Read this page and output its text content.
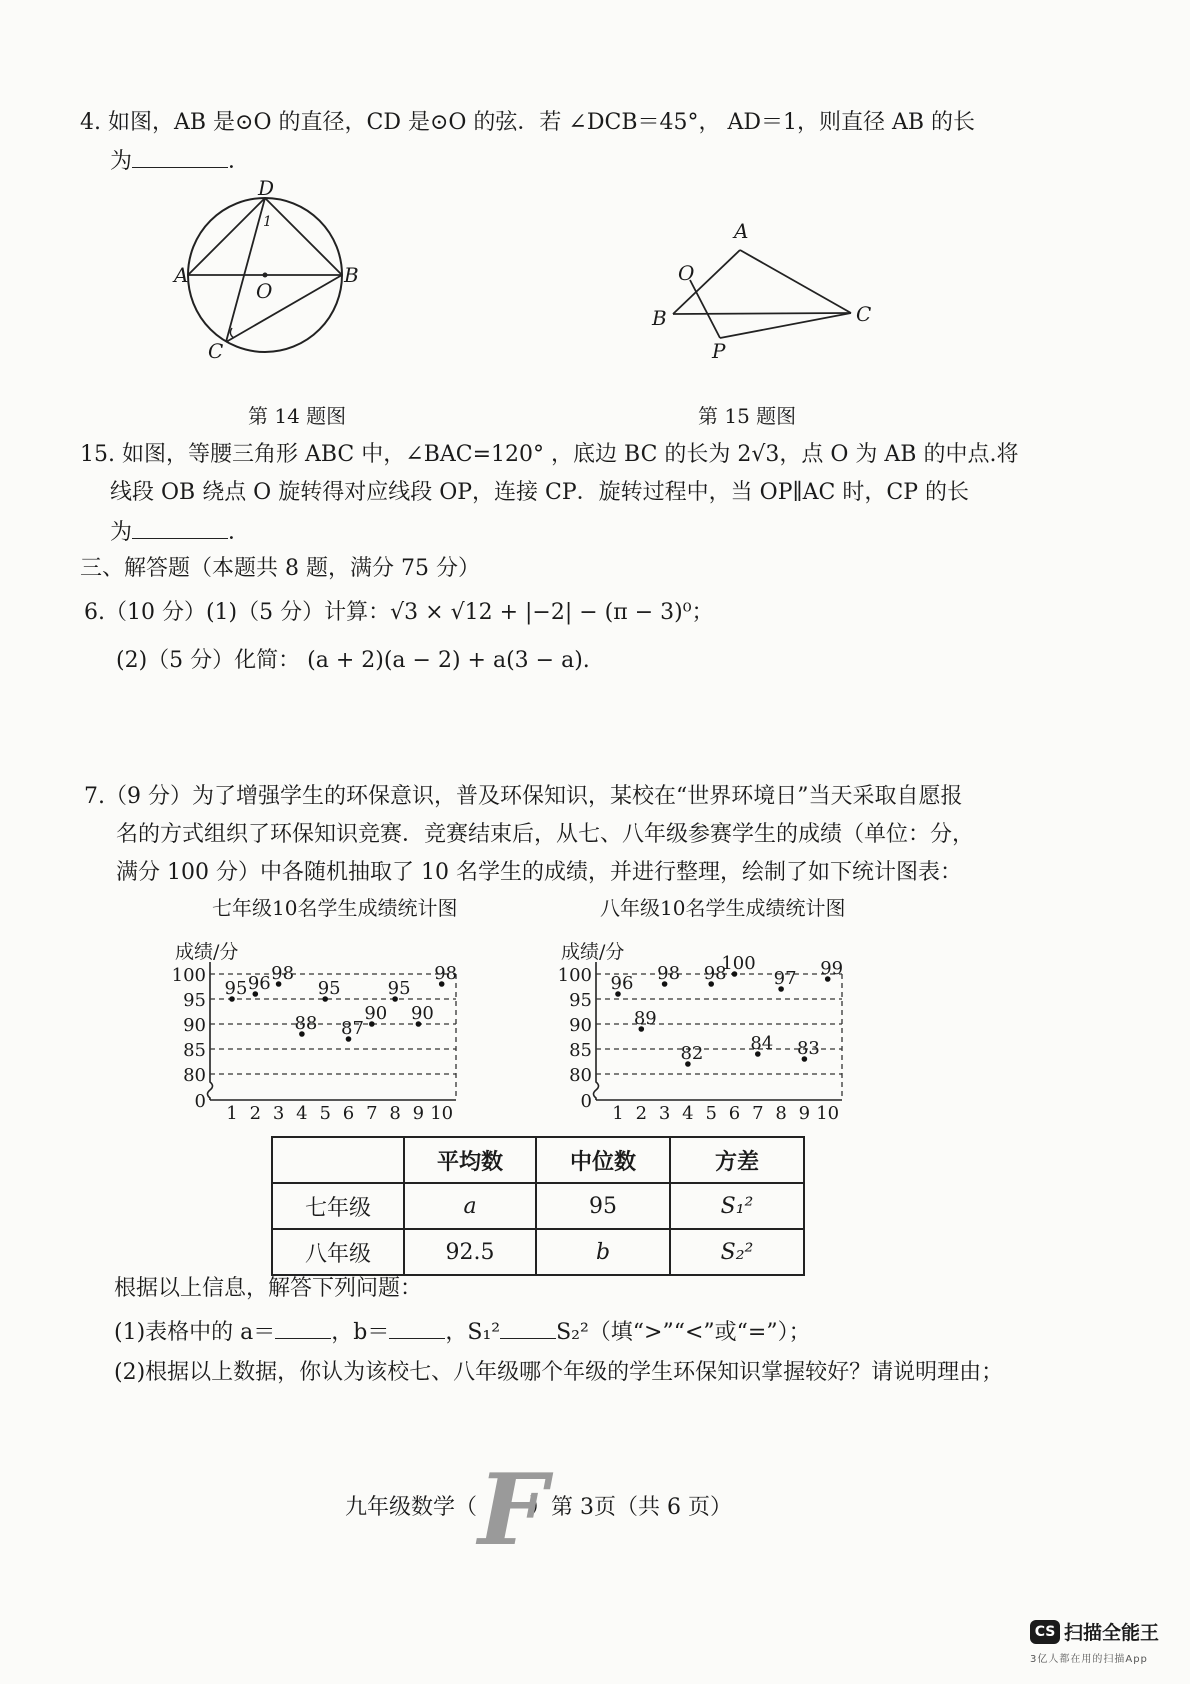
4. 如图，AB 是⊙O 的直径，CD 是⊙O 的弦．若 ∠DCB＝45°， AD＝1，则直径 AB 的长
为	．
D
1
A
O
B
C
第 14 题图
A
O
B	C
P
第 15 题图
15. 如图，等腰三角形 ABC 中，∠BAC=120° ，底边 BC 的长为 2√3，点 O 为 AB 的中点.将
线段 OB 绕点 O 旋转得对应线段 OP，连接 CP．旋转过程中，当 OP∥AC 时，CP 的长
为	．
三、解答题（本题共 8 题，满分 75 分）
6.（10 分）(1)（5 分）计算：√3 × √12 + |−2| − (π − 3)⁰；
(2)（5 分）化简： (a + 2)(a − 2) + a(3 − a).
7.（9 分）为了增强学生的环保意识，普及环保知识，某校在“世界环境日”当天采取自愿报
名的方式组织了环保知识竞赛．竞赛结束后，从七、八年级参赛学生的成绩（单位：分，
满分 100 分）中各随机抽取了 10 名学生的成绩，并进行整理，绘制了如下统计图表：
七年级10名学生成绩统计图	八年级10名学生成绩统计图
成绩/分
0
80
85
90
95
100
1 2 3 4 5 6 7 8 9 10
95 96 98
88
95
87
90
95
90
98
成绩/分
0
80
85
90
95
100
1 2 3 4 5 6 7 8 9 10
96
89
98
82
98
100
84
97
83
99
	平均数	中位数	方差
七年级	a	95	S₁²
八年级	92.5	b	S₂²
根据以上信息，解答下列问题：
(1)表格中的 a＝	，b＝	，S₁²	S₂²（填“>”“<”或“=”）；
(2)根据以上数据，你认为该校七、八年级哪个年级的学生环保知识掌握较好？请说明理由；
九年级数学（ ）第 3页（共 6 页）
F
CS 扫描全能王
3亿人都在用的扫描App
